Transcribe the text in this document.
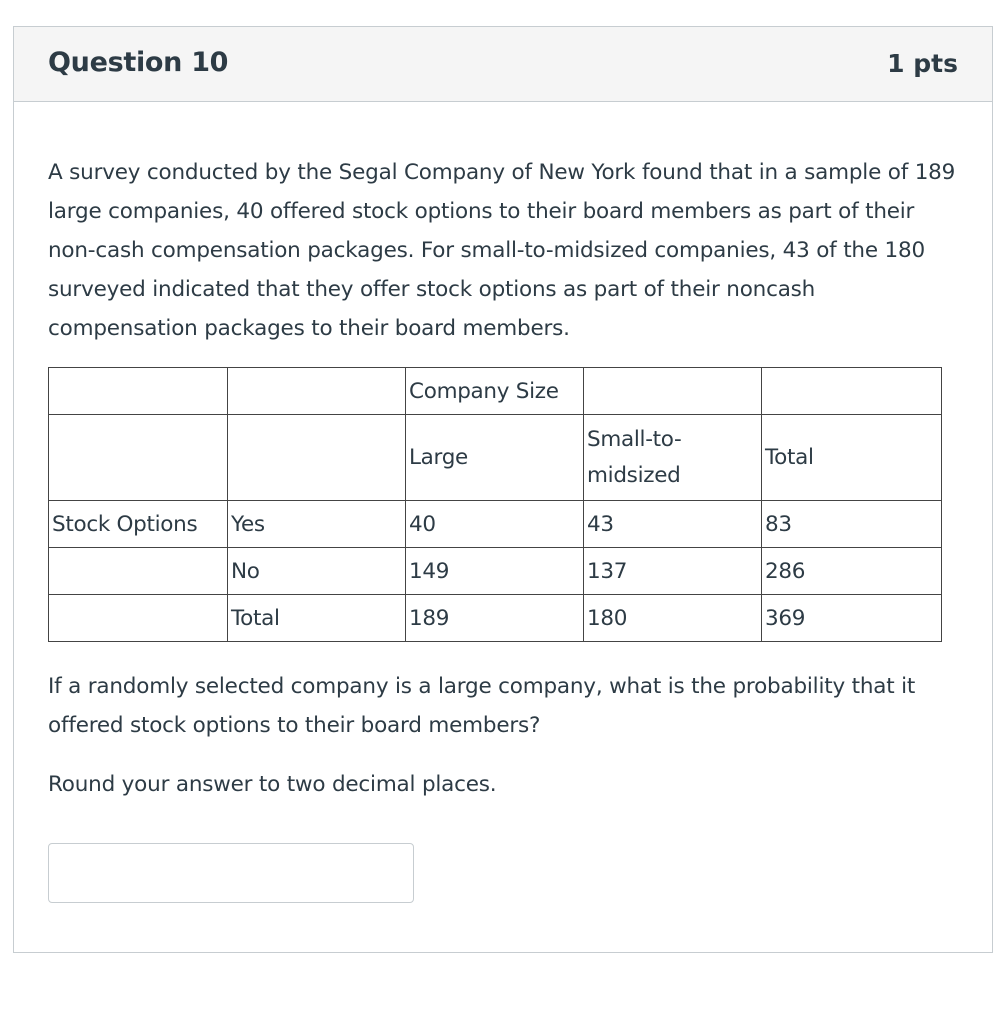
Question 10	1 pts

A survey conducted by the Segal Company of New York found that in a sample of 189 large companies, 40 offered stock options to their board members as part of their non-cash compensation packages. For small-to-midsized companies, 43 of the 180 surveyed indicated that they offer stock options as part of their noncash compensation packages to their board members.

		Company Size		
		Large	Small-to-midsized	Total
Stock Options	Yes	40	43	83
	No	149	137	286
	Total	189	180	369

If a randomly selected company is a large company, what is the probability that it offered stock options to their board members?

Round your answer to two decimal places.
